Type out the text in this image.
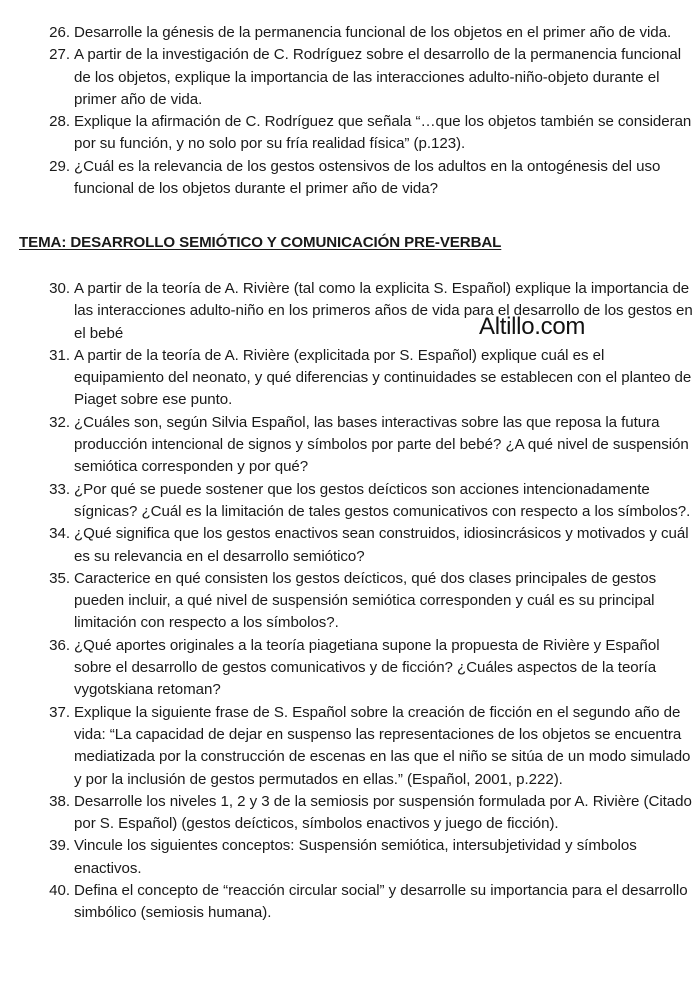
26. Desarrolle la génesis de la permanencia funcional de los objetos en el primer año de vida.
27. A partir de la investigación de C. Rodríguez sobre el desarrollo de la permanencia funcional de los objetos, explique la importancia de las interacciones adulto-niño-objeto durante el primer año de vida.
28. Explique la afirmación de C. Rodríguez que señala “…que los objetos también se consideran por su función, y no solo por su fría realidad física” (p.123).
29. ¿Cuál es la relevancia de los gestos ostensivos de los adultos en la ontogénesis del uso funcional de los objetos durante el primer año de vida?
TEMA: DESARROLLO SEMIÓTICO Y COMUNICACIÓN PRE-VERBAL
30. A partir de la teoría de A. Rivière (tal como la explicita S. Español) explique la importancia de las interacciones adulto-niño en los primeros años de vida para el desarrollo de los gestos en el bebé
31. A partir de la teoría de A. Rivière (explicitada por S. Español) explique cuál es el equipamiento del neonato, y qué diferencias y continuidades se establecen con el planteo de Piaget sobre ese punto.
32. ¿Cuáles son, según Silvia Español, las bases interactivas sobre las que reposa la futura producción intencional de signos y símbolos por parte del bebé? ¿A qué nivel de suspensión semiótica corresponden y por qué?
33. ¿Por qué se puede sostener que los gestos deícticos son acciones intencionadamente sígnicas? ¿Cuál es la limitación de tales gestos comunicativos con respecto a los símbolos?.
34. ¿Qué significa que los gestos enactivos sean construidos, idiosincrásicos y motivados y cuál es su relevancia en el desarrollo semiótico?
35. Caracterice en qué consisten los gestos deícticos, qué dos clases principales de gestos pueden incluir, a qué nivel de suspensión semiótica corresponden y cuál es su principal limitación con respecto a los símbolos?.
36. ¿Qué aportes originales a la teoría piagetiana supone la propuesta de Rivière y Español sobre el desarrollo de gestos comunicativos y de ficción? ¿Cuáles aspectos de la teoría vygotskiana retoman?
37. Explique la siguiente frase de S. Español sobre la creación de ficción en el segundo año de vida: “La capacidad de dejar en suspenso las representaciones de los objetos se encuentra mediatizada por la construcción de escenas en las que el niño se sitúa de un modo simulado y por la inclusión de gestos permutados en ellas.” (Español, 2001, p.222).
38. Desarrolle los niveles 1, 2 y 3 de la semiosis por suspensión formulada por A. Rivière (Citado por S. Español) (gestos deícticos, símbolos enactivos y juego de ficción).
39. Vincule los siguientes conceptos: Suspensión semiótica, intersubjetividad y símbolos enactivos.
40. Defina el concepto de “reacción circular social” y desarrolle su importancia para el desarrollo simbólico (semiosis humana).
Altillo.com
